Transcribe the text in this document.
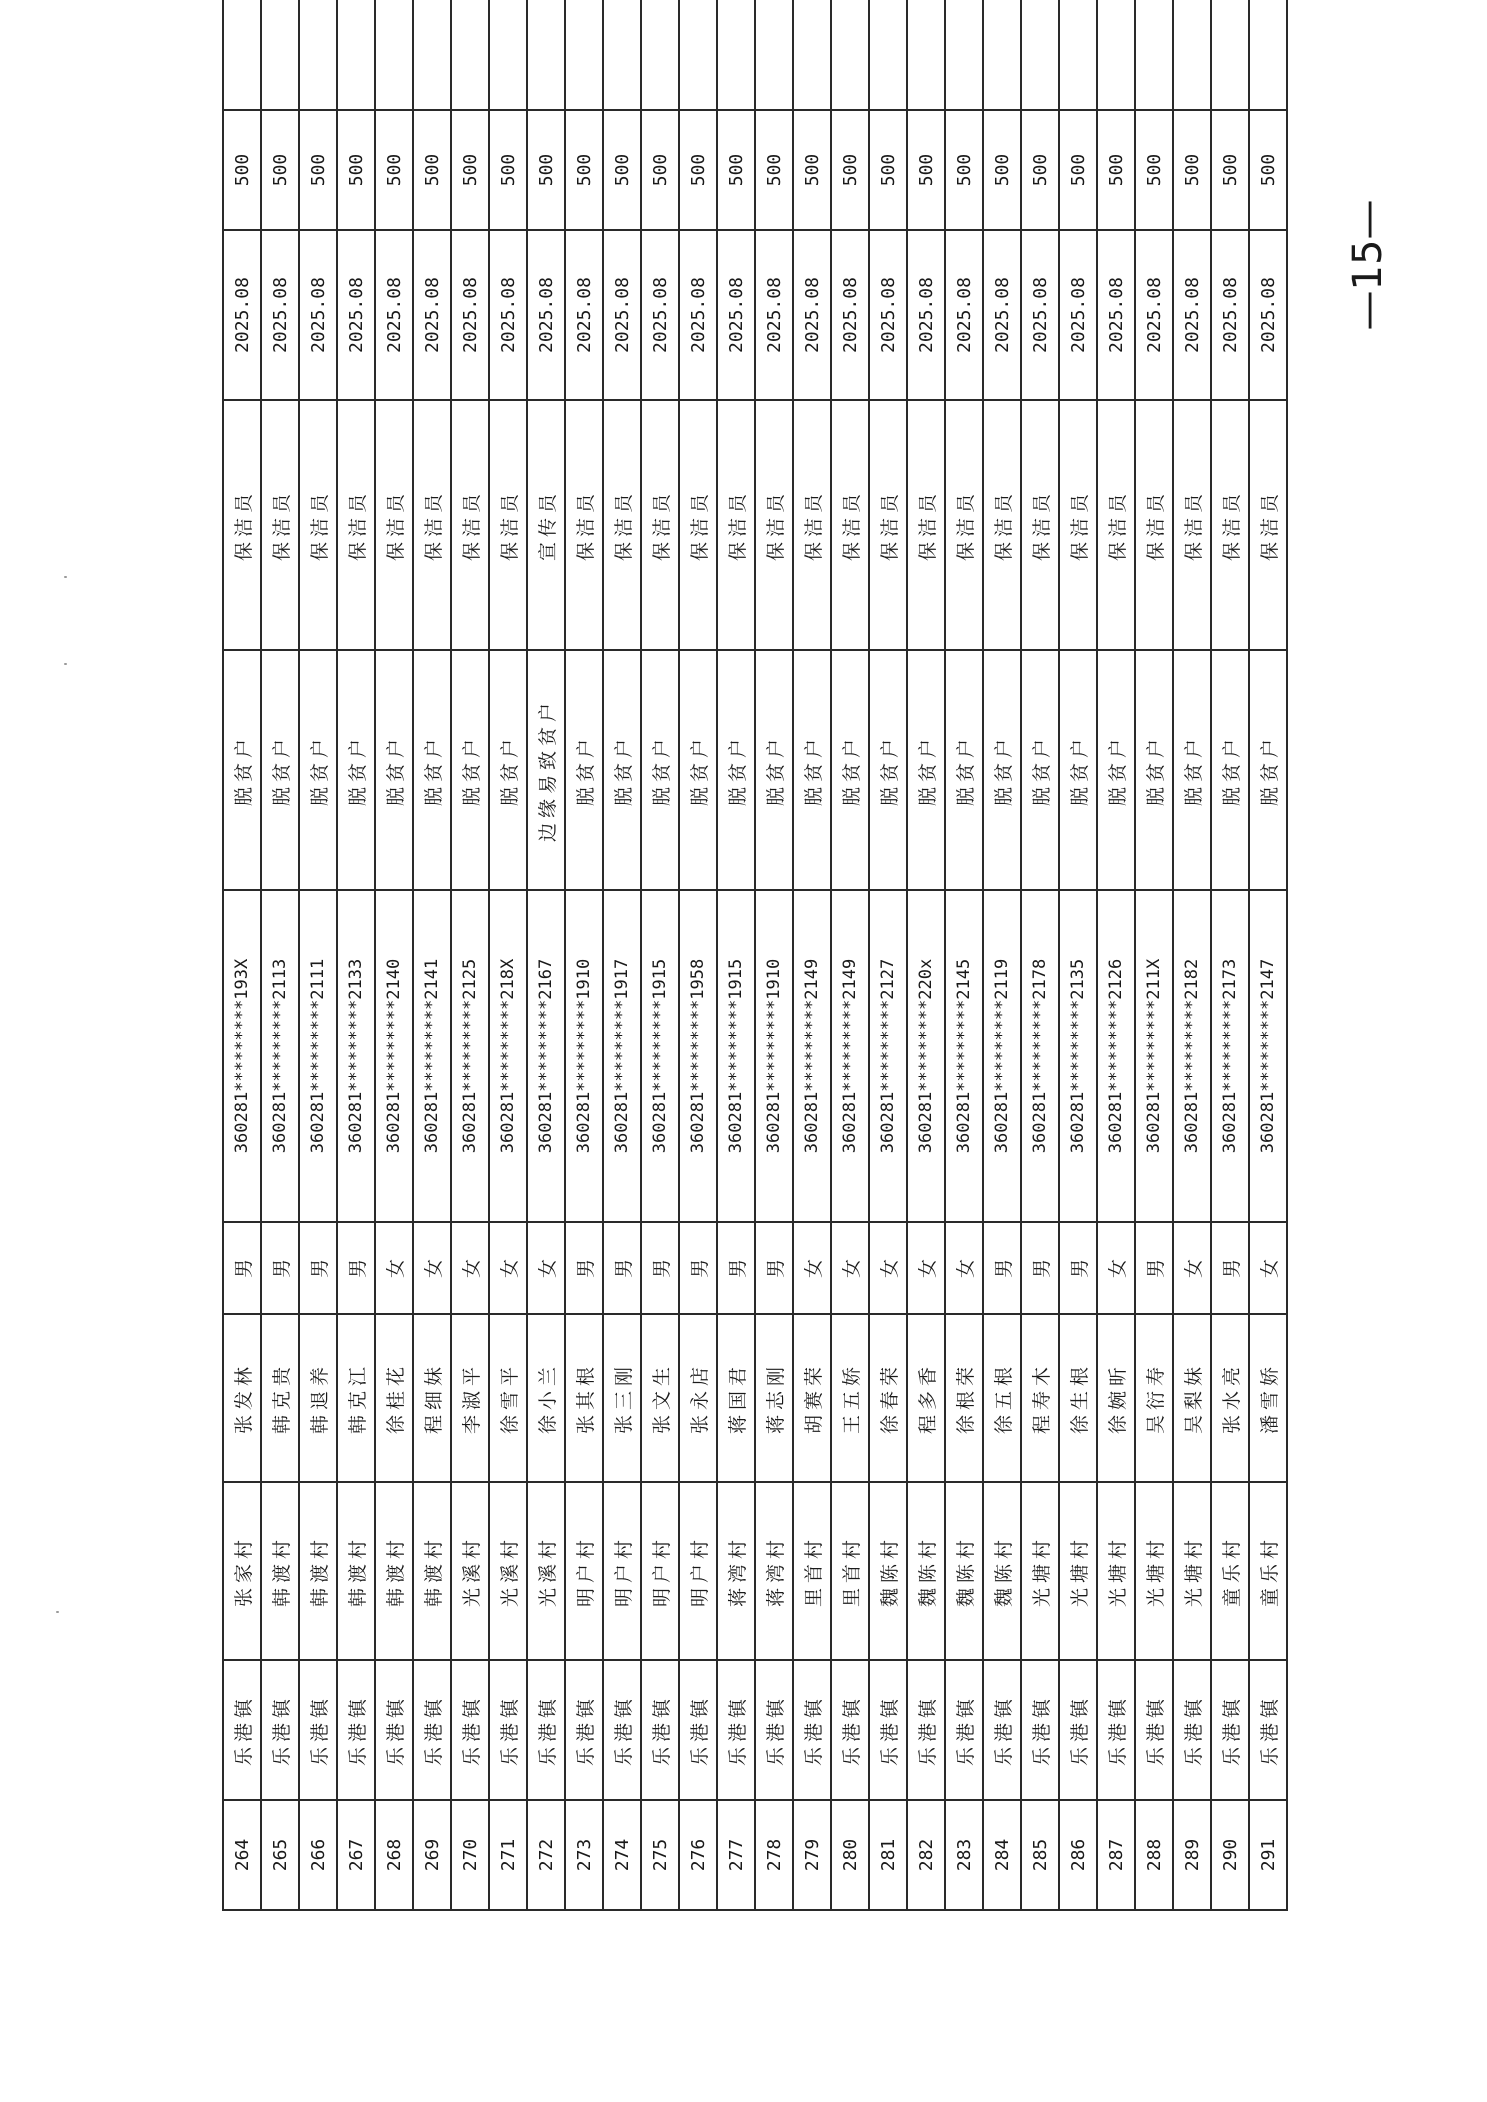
264	乐港镇	张家村	张发林	男	360281*********193X	脱贫户	保洁员	2025.08	500	
265	乐港镇	韩渡村	韩克贵	男	360281*********2113	脱贫户	保洁员	2025.08	500	
266	乐港镇	韩渡村	韩退养	男	360281*********2111	脱贫户	保洁员	2025.08	500	
267	乐港镇	韩渡村	韩克江	男	360281*********2133	脱贫户	保洁员	2025.08	500	
268	乐港镇	韩渡村	徐桂花	女	360281*********2140	脱贫户	保洁员	2025.08	500	
269	乐港镇	韩渡村	程细妹	女	360281*********2141	脱贫户	保洁员	2025.08	500	
270	乐港镇	光溪村	李淑平	女	360281*********2125	脱贫户	保洁员	2025.08	500	
271	乐港镇	光溪村	徐雪平	女	360281*********218X	脱贫户	保洁员	2025.08	500	
272	乐港镇	光溪村	徐小兰	女	360281*********2167	边缘易致贫户	宣传员	2025.08	500	
273	乐港镇	明户村	张其根	男	360281*********1910	脱贫户	保洁员	2025.08	500	
274	乐港镇	明户村	张三刚	男	360281*********1917	脱贫户	保洁员	2025.08	500	
275	乐港镇	明户村	张文生	男	360281*********1915	脱贫户	保洁员	2025.08	500	
276	乐港镇	明户村	张永店	男	360281*********1958	脱贫户	保洁员	2025.08	500	
277	乐港镇	蒋湾村	蒋国君	男	360281*********1915	脱贫户	保洁员	2025.08	500	
278	乐港镇	蒋湾村	蒋志刚	男	360281*********1910	脱贫户	保洁员	2025.08	500	
279	乐港镇	里首村	胡赛荣	女	360281*********2149	脱贫户	保洁员	2025.08	500	
280	乐港镇	里首村	王五娇	女	360281*********2149	脱贫户	保洁员	2025.08	500	
281	乐港镇	魏陈村	徐春荣	女	360281*********2127	脱贫户	保洁员	2025.08	500	
282	乐港镇	魏陈村	程多香	女	360281*********220x	脱贫户	保洁员	2025.08	500	
283	乐港镇	魏陈村	徐根荣	女	360281*********2145	脱贫户	保洁员	2025.08	500	
284	乐港镇	魏陈村	徐五根	男	360281*********2119	脱贫户	保洁员	2025.08	500	
285	乐港镇	光塘村	程寿木	男	360281*********2178	脱贫户	保洁员	2025.08	500	
286	乐港镇	光塘村	徐生根	男	360281*********2135	脱贫户	保洁员	2025.08	500	
287	乐港镇	光塘村	徐婉昕	女	360281*********2126	脱贫户	保洁员	2025.08	500	
288	乐港镇	光塘村	吴衍寿	男	360281*********211X	脱贫户	保洁员	2025.08	500	
289	乐港镇	光塘村	吴梨妹	女	360281*********2182	脱贫户	保洁员	2025.08	500	
290	乐港镇	童乐村	张水亮	男	360281*********2173	脱贫户	保洁员	2025.08	500	
291	乐港镇	童乐村	潘雪娇	女	360281*********2147	脱贫户	保洁员	2025.08	500	
—15—
